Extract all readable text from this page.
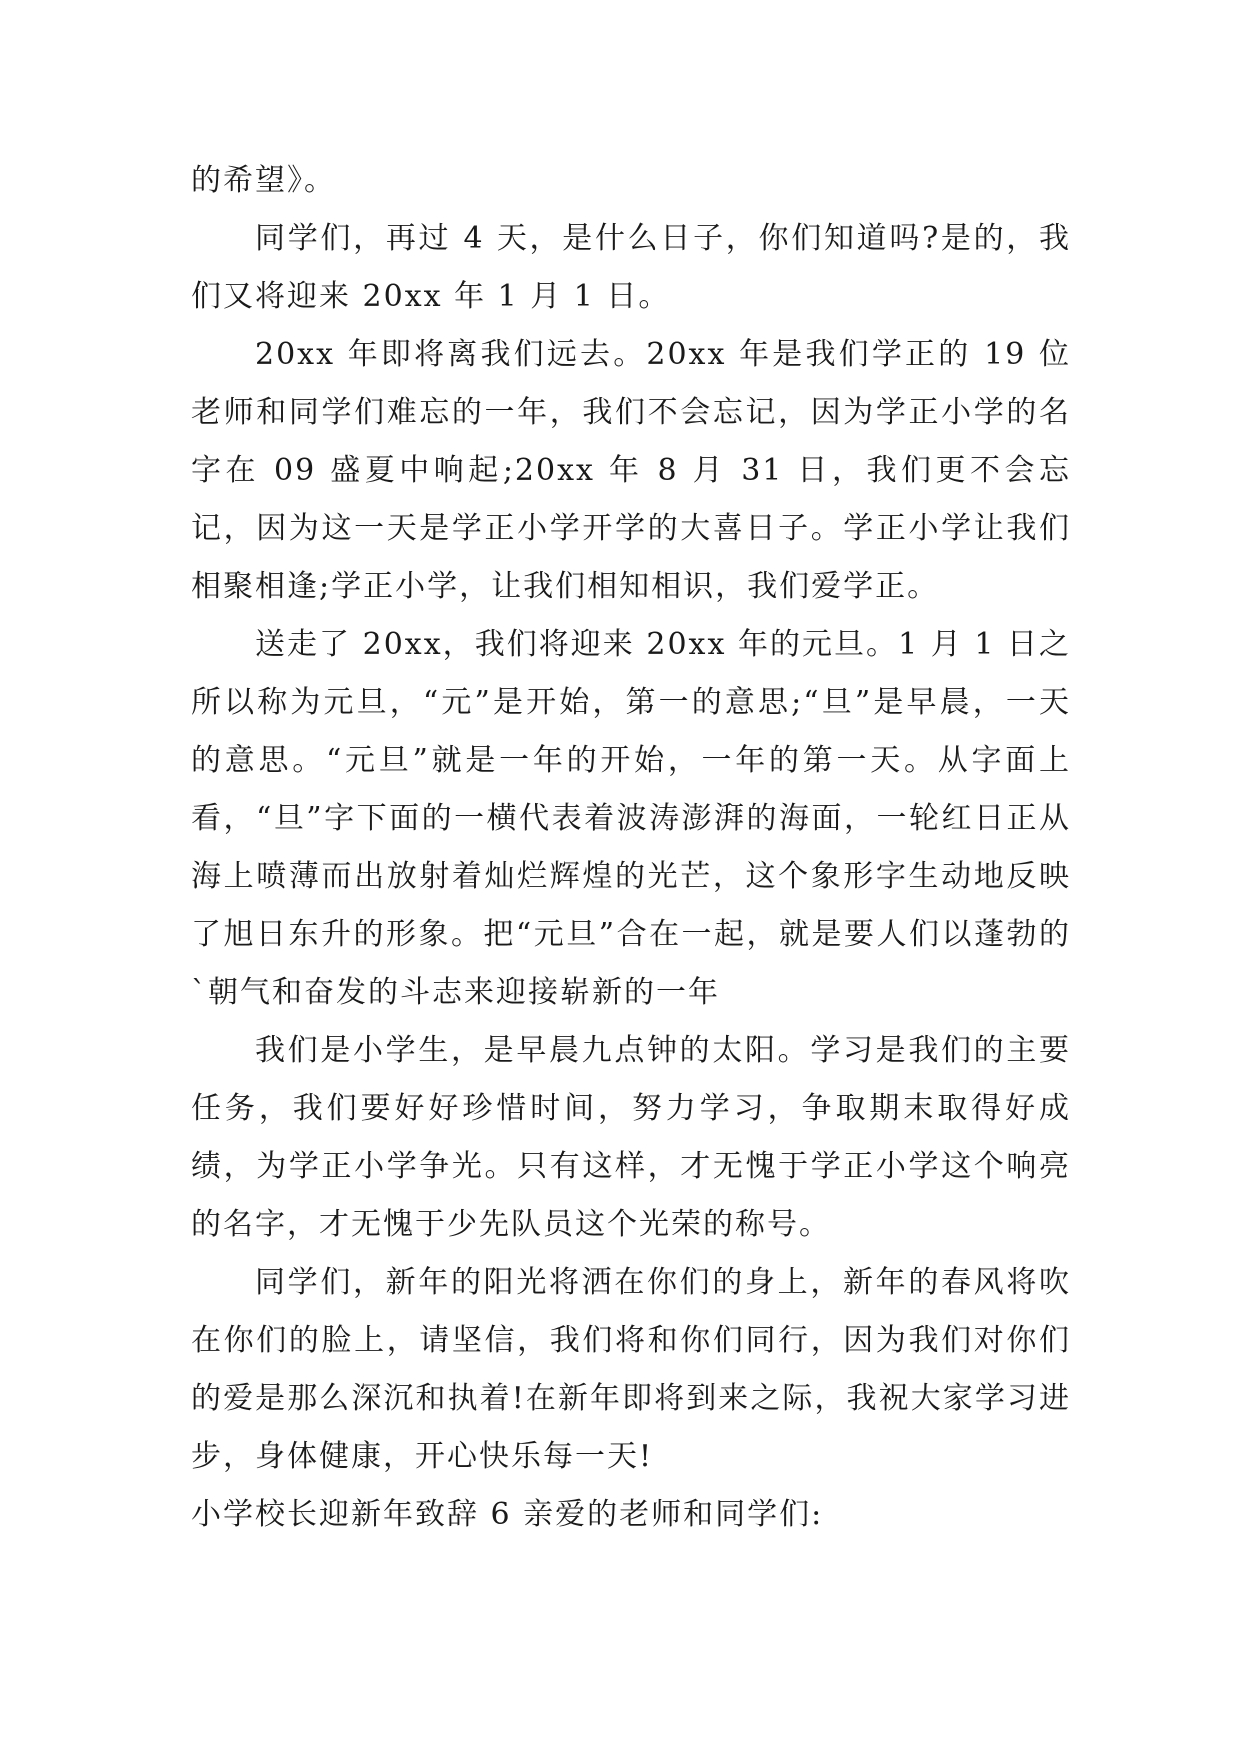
的希望》。

同学们，再过 4 天，是什么日子，你们知道吗?是的，我们又将迎来 20xx 年 1 月 1 日。

20xx 年即将离我们远去。20xx 年是我们学正的 19 位老师和同学们难忘的一年，我们不会忘记，因为学正小学的名字在 09 盛夏中响起;20xx 年 8 月 31 日，我们更不会忘记，因为这一天是学正小学开学的大喜日子。学正小学让我们相聚相逢;学正小学，让我们相知相识，我们爱学正。

送走了 20xx，我们将迎来 20xx 年的元旦。1 月 1 日之所以称为元旦，“元”是开始，第一的意思;“旦”是早晨，一天的意思。“元旦”就是一年的开始，一年的第一天。从字面上看，“旦”字下面的一横代表着波涛澎湃的海面，一轮红日正从海上喷薄而出放射着灿烂辉煌的光芒，这个象形字生动地反映了旭日东升的形象。把“元旦”合在一起，就是要人们以蓬勃的`朝气和奋发的斗志来迎接崭新的一年

我们是小学生，是早晨九点钟的太阳。学习是我们的主要任务，我们要好好珍惜时间，努力学习，争取期末取得好成绩，为学正小学争光。只有这样，才无愧于学正小学这个响亮的名字，才无愧于少先队员这个光荣的称号。

同学们，新年的阳光将洒在你们的身上，新年的春风将吹在你们的脸上，请坚信，我们将和你们同行，因为我们对你们的爱是那么深沉和执着!在新年即将到来之际，我祝大家学习进步，身体健康，开心快乐每一天!

小学校长迎新年致辞 6 亲爱的老师和同学们:
